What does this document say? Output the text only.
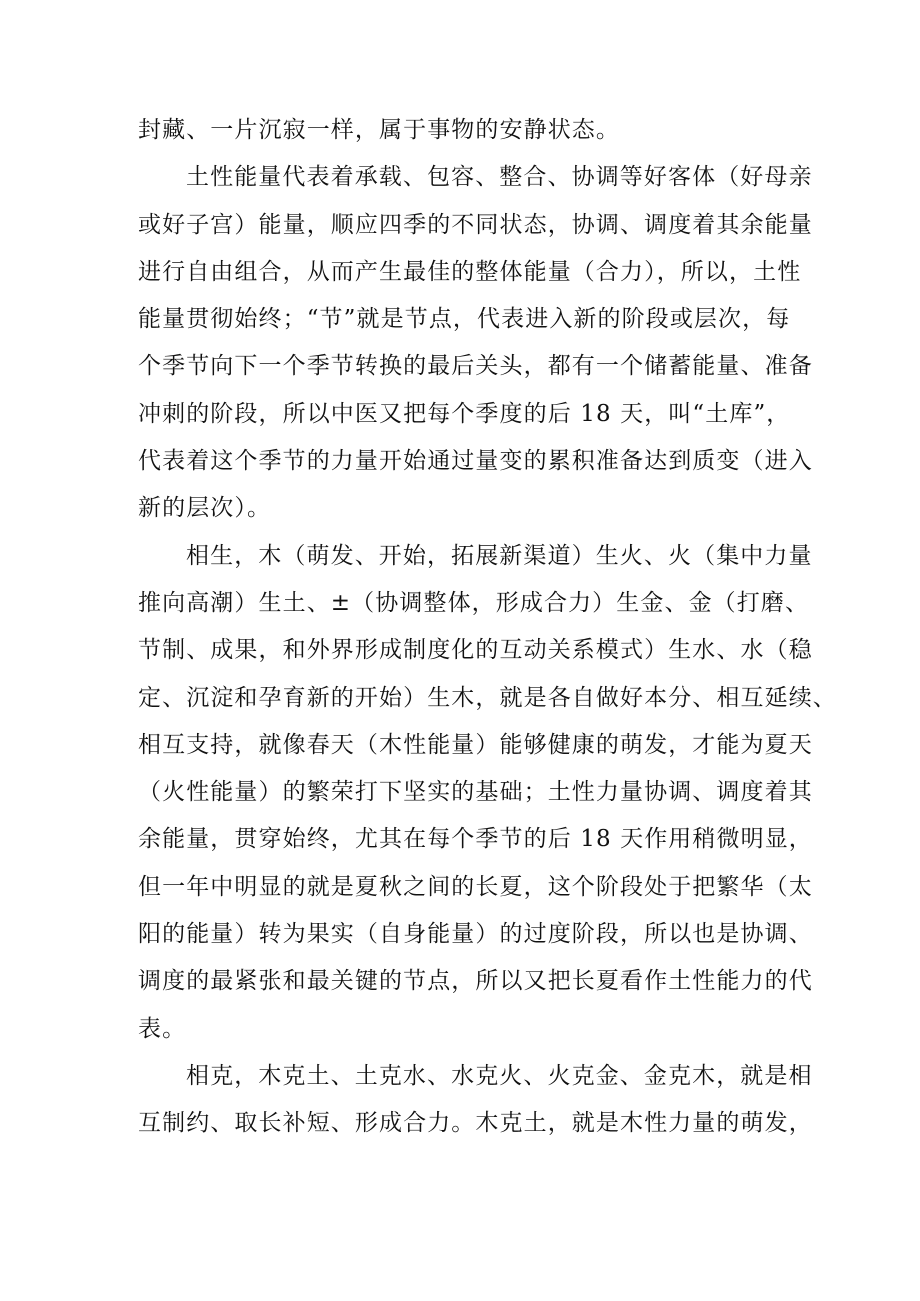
封藏、一片沉寂一样，属于事物的安静状态。
土性能量代表着承载、包容、整合、协调等好客体（好母亲
或好子宫）能量，顺应四季的不同状态，协调、调度着其余能量
进行自由组合，从而产生最佳的整体能量（合力），所以，土性
能量贯彻始终；“节”就是节点，代表进入新的阶段或层次，每
个季节向下一个季节转换的最后关头，都有一个储蓄能量、准备
冲刺的阶段，所以中医又把每个季度的后 18 天，叫“土库”，
代表着这个季节的力量开始通过量变的累积准备达到质变（进入
新的层次）。
相生，木（萌发、开始，拓展新渠道）生火、火（集中力量
推向高潮）生土、±（协调整体，形成合力）生金、金（打磨、
节制、成果，和外界形成制度化的互动关系模式）生水、水（稳
定、沉淀和孕育新的开始）生木，就是各自做好本分、相互延续、
相互支持，就像春天（木性能量）能够健康的萌发，才能为夏天
（火性能量）的繁荣打下坚实的基础；土性力量协调、调度着其
余能量，贯穿始终，尤其在每个季节的后 18 天作用稍微明显，
但一年中明显的就是夏秋之间的长夏，这个阶段处于把繁华（太
阳的能量）转为果实（自身能量）的过度阶段，所以也是协调、
调度的最紧张和最关键的节点，所以又把长夏看作土性能力的代
表。
相克，木克土、土克水、水克火、火克金、金克木，就是相
互制约、取长补短、形成合力。木克土，就是木性力量的萌发，
